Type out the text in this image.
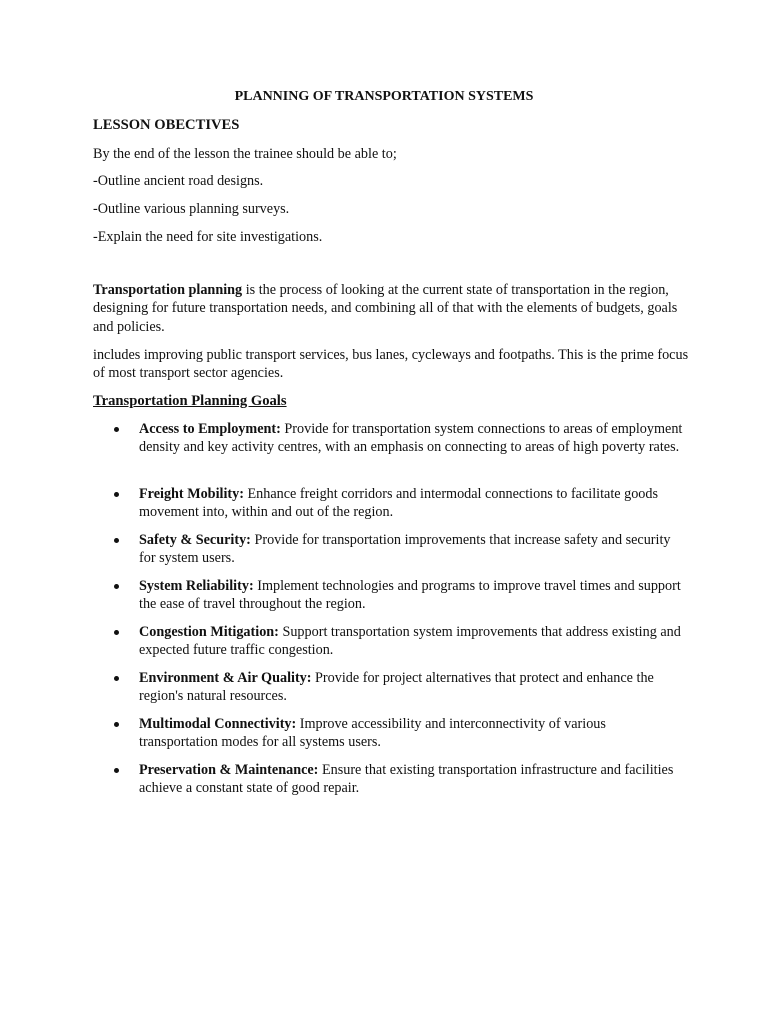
PLANNING OF TRANSPORTATION SYSTEMS
LESSON OBECTIVES
By the end of the lesson the trainee should be able to;
-Outline ancient road designs.
-Outline various planning surveys.
-Explain the need for site investigations.

Transportation planning is the process of looking at the current state of transportation in the region, designing for future transportation needs, and combining all of that with the elements of budgets, goals and policies.

includes improving public transport services, bus lanes, cycleways and footpaths. This is the prime focus of most transport sector agencies.

Transportation Planning Goals

Access to Employment: Provide for transportation system connections to areas of employment density and key activity centres, with an emphasis on connecting to areas of high poverty rates.

Freight Mobility: Enhance freight corridors and intermodal connections to facilitate goods movement into, within and out of the region.

Safety & Security: Provide for transportation improvements that increase safety and security for system users.

System Reliability: Implement technologies and programs to improve travel times and support the ease of travel throughout the region.

Congestion Mitigation: Support transportation system improvements that address existing and expected future traffic congestion.

Environment & Air Quality: Provide for project alternatives that protect and enhance the region's natural resources.

Multimodal Connectivity: Improve accessibility and interconnectivity of various transportation modes for all systems users.

Preservation & Maintenance: Ensure that existing transportation infrastructure and facilities achieve a constant state of good repair.
